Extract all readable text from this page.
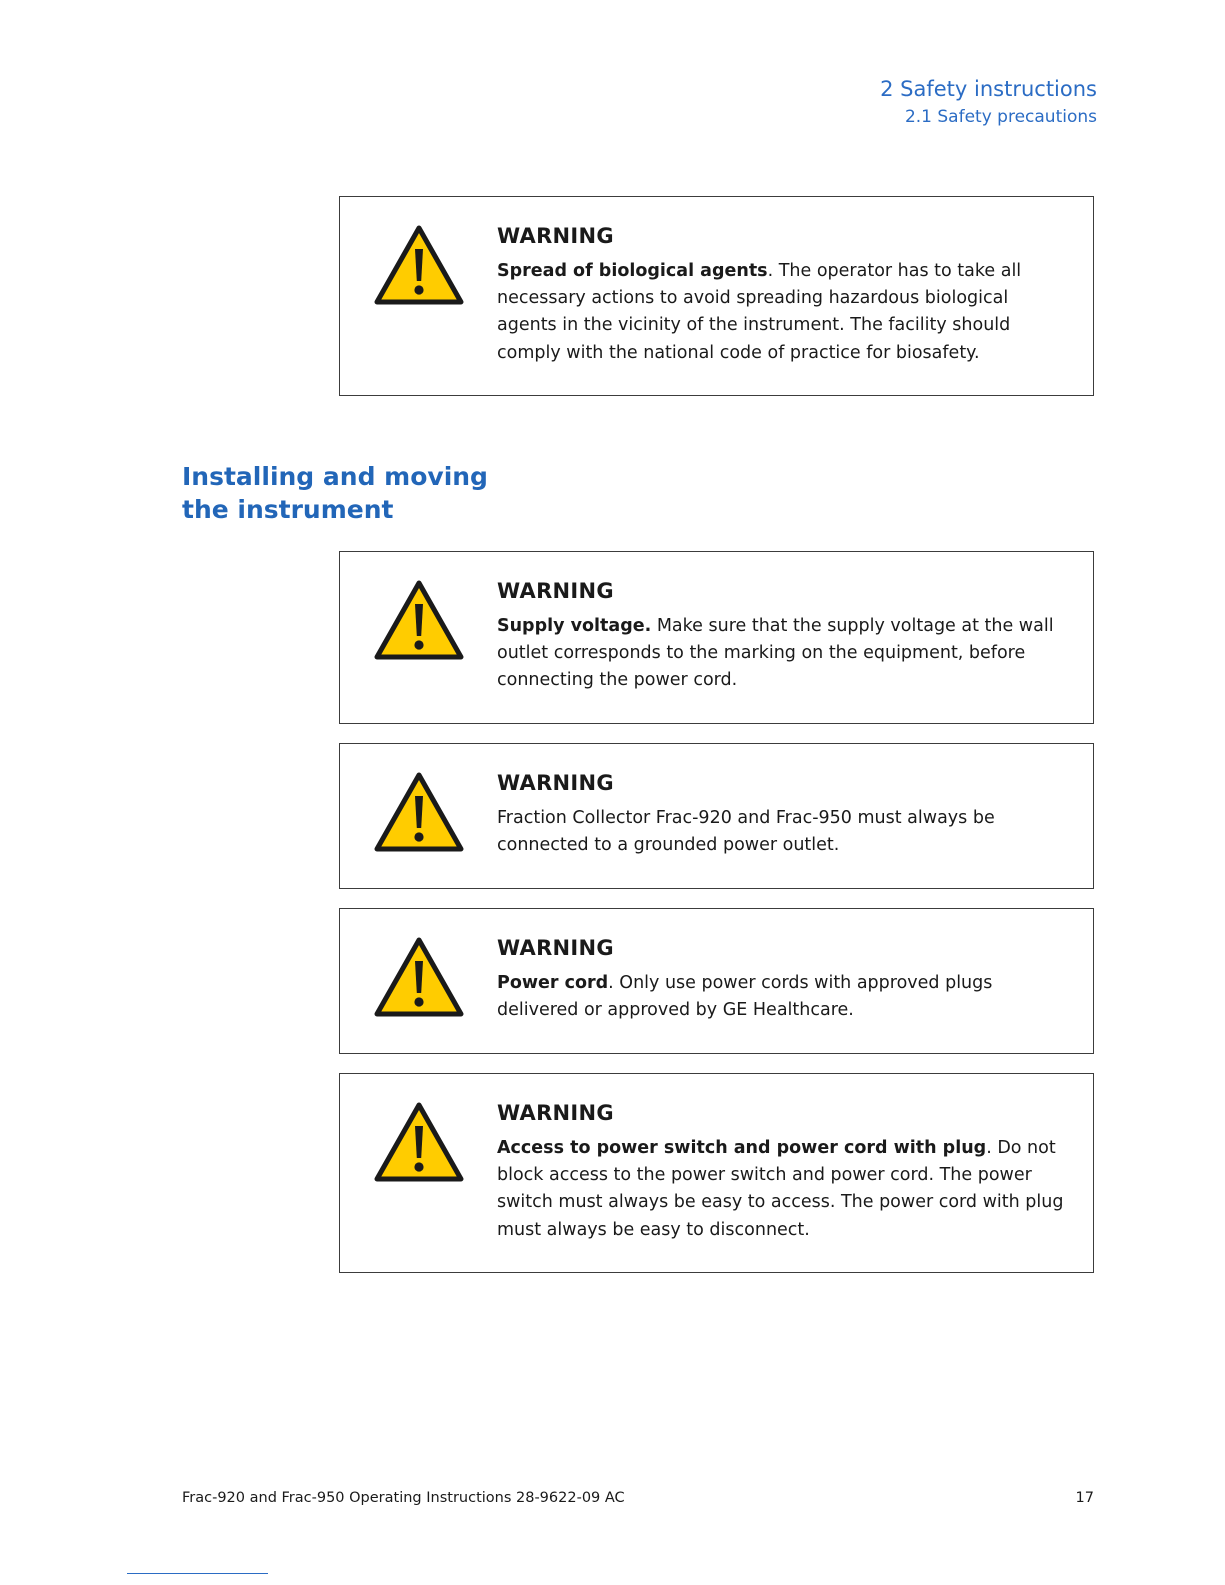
2 Safety instructions
2.1 Safety precautions
WARNING
Spread of biological agents. The operator has to take all necessary actions to avoid spreading hazardous biological agents in the vicinity of the instrument. The facility should comply with the national code of practice for biosafety.
Installing and moving the instrument
WARNING
Supply voltage. Make sure that the supply voltage at the wall outlet corresponds to the marking on the equipment, before connecting the power cord.
WARNING
Fraction Collector Frac-920 and Frac-950 must always be connected to a grounded power outlet.
WARNING
Power cord. Only use power cords with approved plugs delivered or approved by GE Healthcare.
WARNING
Access to power switch and power cord with plug. Do not block access to the power switch and power cord. The power switch must always be easy to access. The power cord with plug must always be easy to disconnect.
Frac-920 and Frac-950 Operating Instructions 28-9622-09 AC	17
